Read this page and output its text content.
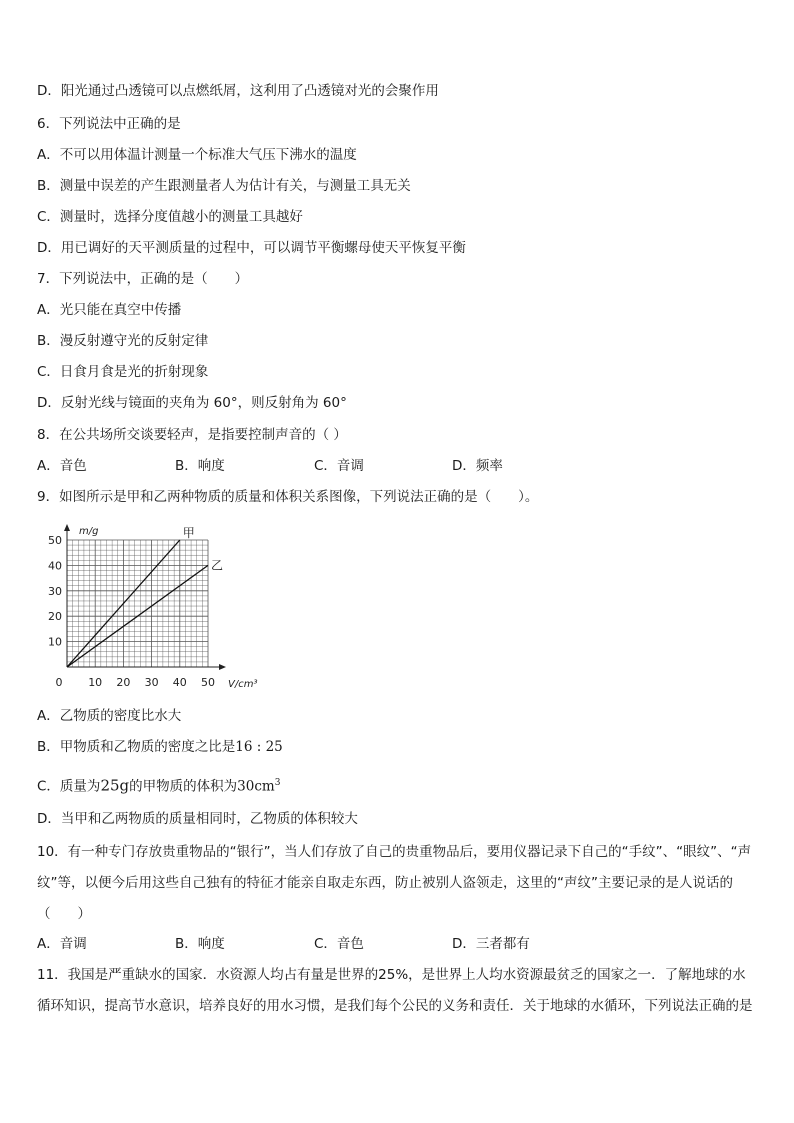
D．阳光通过凸透镜可以点燃纸屑，这利用了凸透镜对光的会聚作用
6．下列说法中正确的是
A．不可以用体温计测量一个标准大气压下沸水的温度
B．测量中误差的产生跟测量者人为估计有关，与测量工具无关
C．测量时，选择分度值越小的测量工具越好
D．用已调好的天平测质量的过程中，可以调节平衡螺母使天平恢复平衡
7．下列说法中，正确的是（　　）
A．光只能在真空中传播
B．漫反射遵守光的反射定律
C．日食月食是光的折射现象
D．反射光线与镜面的夹角为 60°，则反射角为 60°
8．在公共场所交谈要轻声，是指要控制声音的（ ）
A．音色	B．响度	C．音调	D．频率
9．如图所示是甲和乙两种物质的质量和体积关系图像，下列说法正确的是（　　）。
0 10 20 30 40 50
10
20
30
40
50
甲
乙
m/g
V/cm³
A．乙物质的密度比水大
B．甲物质和乙物质的密度之比是16 : 25
C．质量为25g的甲物质的体积为$30cm^3$
D．当甲和乙两物质的质量相同时，乙物质的体积较大
10．有一种专门存放贵重物品的“银行”，当人们存放了自己的贵重物品后，要用仪器记录下自己的“手纹”、“眼纹”、“声纹”等，以便今后用这些自己独有的特征才能亲自取走东西，防止被别人盗领走，这里的“声纹”主要记录的是人说话的（　　）
A．音调	B．响度	C．音色	D．三者都有
11．我国是严重缺水的国家．水资源人均占有量是世界的25%，是世界上人均水资源最贫乏的国家之一．了解地球的水循环知识，提高节水意识，培养良好的用水习惯，是我们每个公民的义务和责任．关于地球的水循环，下列说法正确的是
